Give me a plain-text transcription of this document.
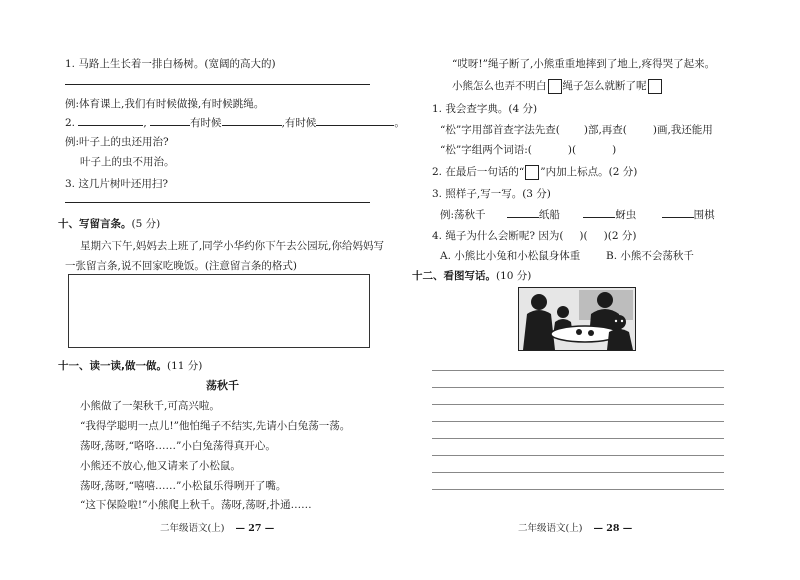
1. 马路上生长着一排白杨树。(宽阔的高大的)
例:体育课上,我们有时候做操,有时候跳绳。
2.	,	有时候	,有时候	。
例:叶子上的虫还用治?
叶子上的虫不用治。
3. 这几片树叶还用扫?
十、写留言条。(5 分)
星期六下午,妈妈去上班了,同学小华约你下午去公园玩,你给妈妈写
一张留言条,说不回家吃晚饭。(注意留言条的格式)
十一、读一读,做一做。(11 分)
荡秋千
小熊做了一架秋千,可高兴啦。
“我得学聪明一点儿!”他怕绳子不结实,先请小白兔荡一荡。
荡呀,荡呀,“咯咯……”小白兔荡得真开心。
小熊还不放心,他又请来了小松鼠。
荡呀,荡呀,“嘻嘻……”小松鼠乐得咧开了嘴。
“这下保险啦!”小熊爬上秋千。荡呀,荡呀,扑通……
二年级语文(上) — 27 —
“哎呀!”绳子断了,小熊重重地摔到了地上,疼得哭了起来。
小熊怎么也弄不明白 绳子怎么就断了呢
1. 我会查字典。(4 分)
“松”字用部首查字法先查( )部,再查( )画,我还能用
“松”字组两个词语:(	)(	)
2. 在最后一句话的“ ”内加上标点。(2 分)
3. 照样子,写一写。(3 分)
例:荡秋千	纸船	蚜虫	围棋
4. 绳子为什么会断呢? 因为( )( )(2 分)
A. 小熊比小兔和小松鼠身体重 B. 小熊不会荡秋千
十二、看图写话。(10 分)
二年级语文(上) — 28 —
